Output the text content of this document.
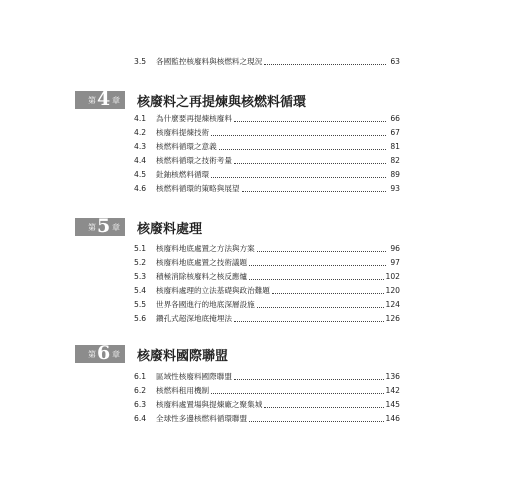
3.5	各國監控核廢料與核燃料之現況	63
第 4 章 核廢料之再提煉與核燃料循環
4.1	為什麼要再提煉核廢料	66
4.2	核廢料提煉技術	67
4.3	核燃料循環之意義	81
4.4	核燃料循環之技術考量	82
4.5	釷鈾核燃料循環	89
4.6	核燃料循環的策略與展望	93
第 5 章 核廢料處理
5.1	核廢料地底處置之方法與方案	96
5.2	核廢料地底處置之技術議題	97
5.3	積極消除核廢料之核反應爐	102
5.4	核廢料處理的立法基礎與政治難題	120
5.5	世界各國進行的地底深層設施	124
5.6	鑽孔式超深地底掩埋法	126
第 6 章 核廢料國際聯盟
6.1	區域性核廢料國際聯盟	136
6.2	核燃料租用機制	142
6.3	核廢料處置場與提煉廠之聚集城	145
6.4	全球性多邊核燃料循環聯盟	146
